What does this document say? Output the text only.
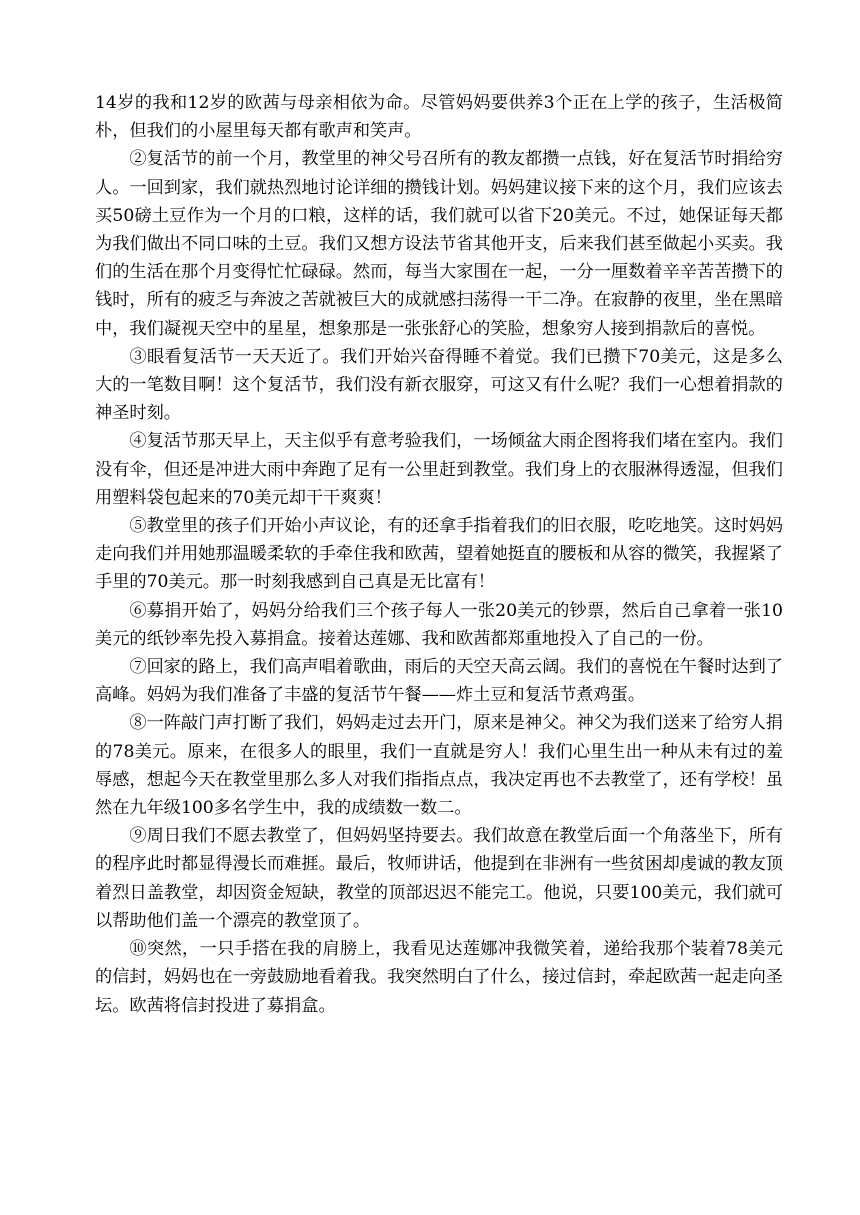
14岁的我和12岁的欧茜与母亲相依为命。尽管妈妈要供养3个正在上学的孩子，生活极简朴，但我们的小屋里每天都有歌声和笑声。

②复活节的前一个月，教堂里的神父号召所有的教友都攒一点钱，好在复活节时捐给穷人。一回到家，我们就热烈地讨论详细的攒钱计划。妈妈建议接下来的这个月，我们应该去买50磅土豆作为一个月的口粮，这样的话，我们就可以省下20美元。不过，她保证每天都为我们做出不同口味的土豆。我们又想方设法节省其他开支，后来我们甚至做起小买卖。我们的生活在那个月变得忙忙碌碌。然而，每当大家围在一起，一分一厘数着辛辛苦苦攒下的钱时，所有的疲乏与奔波之苦就被巨大的成就感扫荡得一干二净。在寂静的夜里，坐在黑暗中，我们凝视天空中的星星，想象那是一张张舒心的笑脸，想象穷人接到捐款后的喜悦。

③眼看复活节一天天近了。我们开始兴奋得睡不着觉。我们已攒下70美元，这是多么大的一笔数目啊！这个复活节，我们没有新衣服穿，可这又有什么呢？我们一心想着捐款的神圣时刻。

④复活节那天早上，天主似乎有意考验我们，一场倾盆大雨企图将我们堵在室内。我们没有伞，但还是冲进大雨中奔跑了足有一公里赶到教堂。我们身上的衣服淋得透湿，但我们用塑料袋包起来的70美元却干干爽爽！

⑤教堂里的孩子们开始小声议论，有的还拿手指着我们的旧衣服，吃吃地笑。这时妈妈走向我们并用她那温暖柔软的手牵住我和欧茜，望着她挺直的腰板和从容的微笑，我握紧了手里的70美元。那一时刻我感到自己真是无比富有！

⑥募捐开始了，妈妈分给我们三个孩子每人一张20美元的钞票，然后自己拿着一张10美元的纸钞率先投入募捐盒。接着达莲娜、我和欧茜都郑重地投入了自己的一份。

⑦回家的路上，我们高声唱着歌曲，雨后的天空天高云阔。我们的喜悦在午餐时达到了高峰。妈妈为我们准备了丰盛的复活节午餐——炸土豆和复活节煮鸡蛋。

⑧一阵敲门声打断了我们，妈妈走过去开门，原来是神父。神父为我们送来了给穷人捐的78美元。原来，在很多人的眼里，我们一直就是穷人！我们心里生出一种从未有过的羞辱感，想起今天在教堂里那么多人对我们指指点点，我决定再也不去教堂了，还有学校！虽然在九年级100多名学生中，我的成绩数一数二。

⑨周日我们不愿去教堂了，但妈妈坚持要去。我们故意在教堂后面一个角落坐下，所有的程序此时都显得漫长而难捱。最后，牧师讲话，他提到在非洲有一些贫困却虔诚的教友顶着烈日盖教堂，却因资金短缺，教堂的顶部迟迟不能完工。他说，只要100美元，我们就可以帮助他们盖一个漂亮的教堂顶了。

⑩突然，一只手搭在我的肩膀上，我看见达莲娜冲我微笑着，递给我那个装着78美元的信封，妈妈也在一旁鼓励地看着我。我突然明白了什么，接过信封，牵起欧茜一起走向圣坛。欧茜将信封投进了募捐盒。
